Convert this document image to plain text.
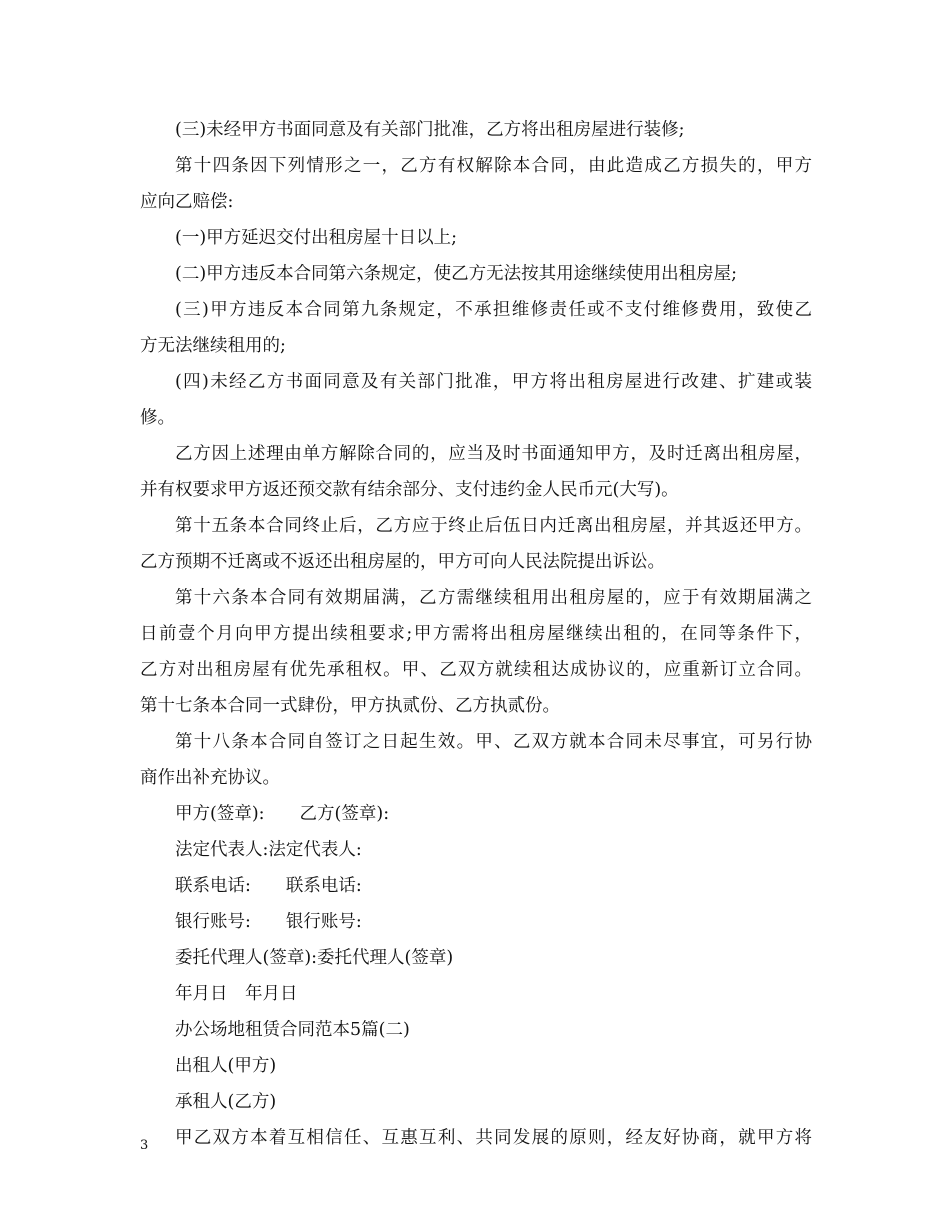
(三)未经甲方书面同意及有关部门批准，乙方将出租房屋进行装修;
第十四条因下列情形之一，乙方有权解除本合同，由此造成乙方损失的，甲方
应向乙赔偿:
(一)甲方延迟交付出租房屋十日以上;
(二)甲方违反本合同第六条规定，使乙方无法按其用途继续使用出租房屋;
(三)甲方违反本合同第九条规定，不承担维修责任或不支付维修费用，致使乙
方无法继续租用的;
(四)未经乙方书面同意及有关部门批准，甲方将出租房屋进行改建、扩建或装
修。
乙方因上述理由单方解除合同的，应当及时书面通知甲方，及时迁离出租房屋，
并有权要求甲方返还预交款有结余部分、支付违约金人民币元(大写)。
第十五条本合同终止后，乙方应于终止后伍日内迁离出租房屋，并其返还甲方。
乙方预期不迁离或不返还出租房屋的，甲方可向人民法院提出诉讼。
第十六条本合同有效期届满，乙方需继续租用出租房屋的，应于有效期届满之
日前壹个月向甲方提出续租要求;甲方需将出租房屋继续出租的，在同等条件下，
乙方对出租房屋有优先承租权。甲、乙双方就续租达成协议的，应重新订立合同。
第十七条本合同一式肆份，甲方执贰份、乙方执贰份。
第十八条本合同自签订之日起生效。甲、乙双方就本合同未尽事宜，可另行协
商作出补充协议。
甲方(签章):　　乙方(签章):
法定代表人:法定代表人:
联系电话:　　联系电话:
银行账号:　　银行账号:
委托代理人(签章):委托代理人(签章)
年月日　年月日
办公场地租赁合同范本5篇(二)
出租人(甲方)
承租人(乙方)
甲乙双方本着互相信任、互惠互利、共同发展的原则，经友好协商，就甲方将
3
